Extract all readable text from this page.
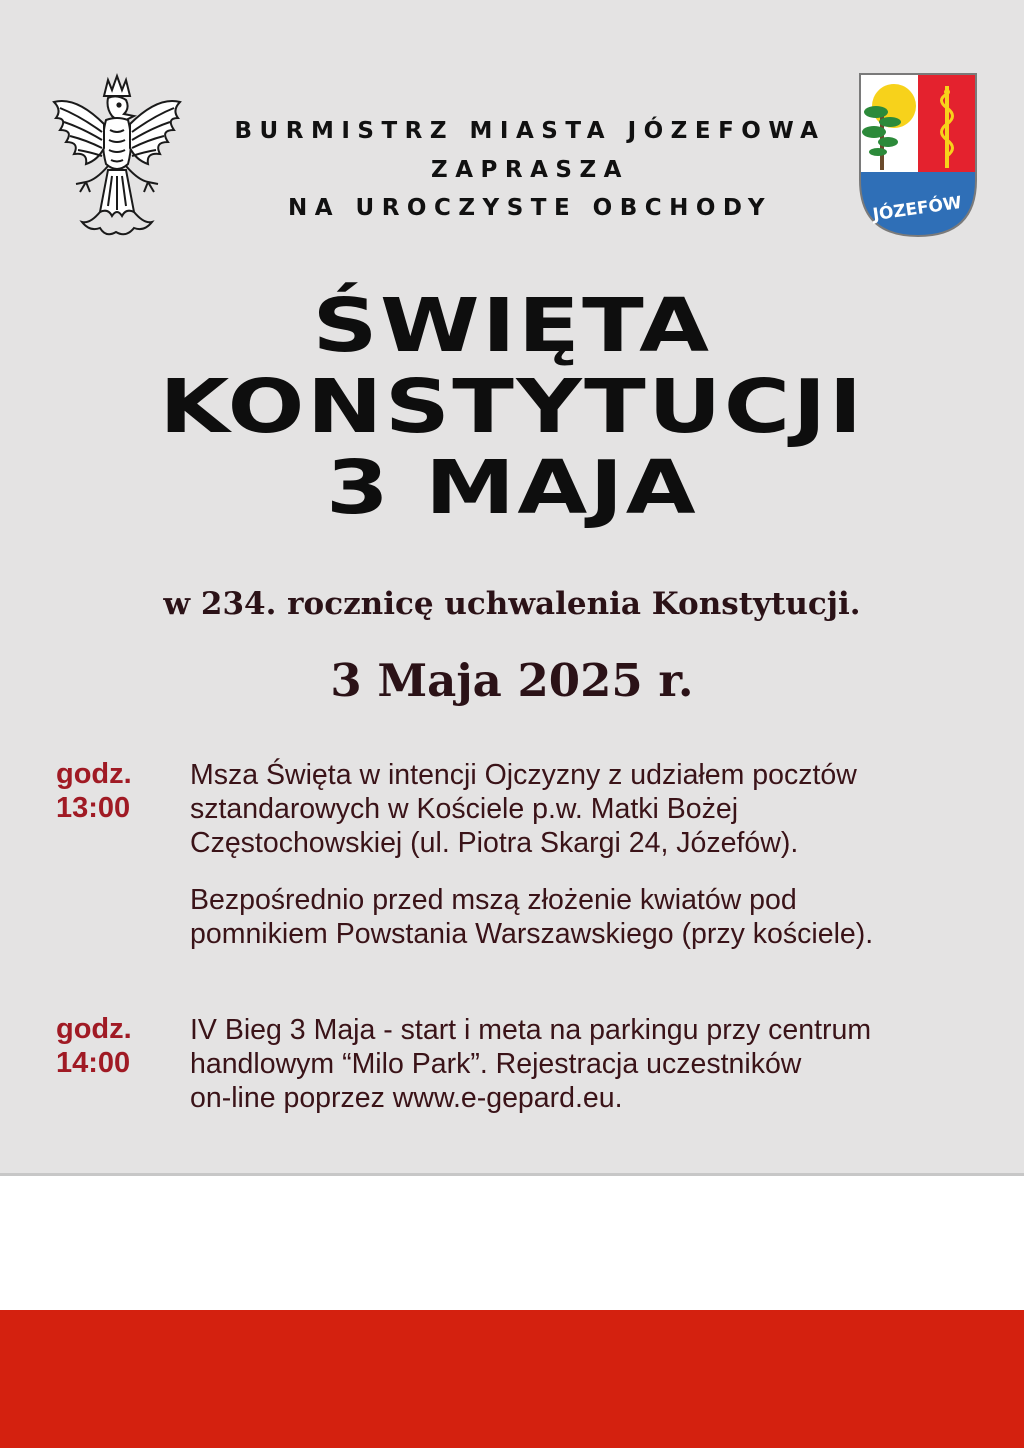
JÓZEFÓW
BURMISTRZ MIASTA JÓZEFOWA
ZAPRASZA
NA UROCZYSTE OBCHODY
ŚWIĘTA
KONSTYTUCJI
3 MAJA
w 234. rocznicę uchwalenia Konstytucji.
3 Maja 2025 r.
godz.
13:00
Msza Święta w intencji Ojczyzny z udziałem pocztów
sztandarowych w Kościele p.w. Matki Bożej
Częstochowskiej (ul. Piotra Skargi 24, Józefów).
Bezpośrednio przed mszą złożenie kwiatów pod
pomnikiem Powstania Warszawskiego (przy kościele).
godz.
14:00
IV Bieg 3 Maja - start i meta na parkingu przy centrum
handlowym “Milo Park”. Rejestracja uczestników
on-line poprzez www.e-gepard.eu.
